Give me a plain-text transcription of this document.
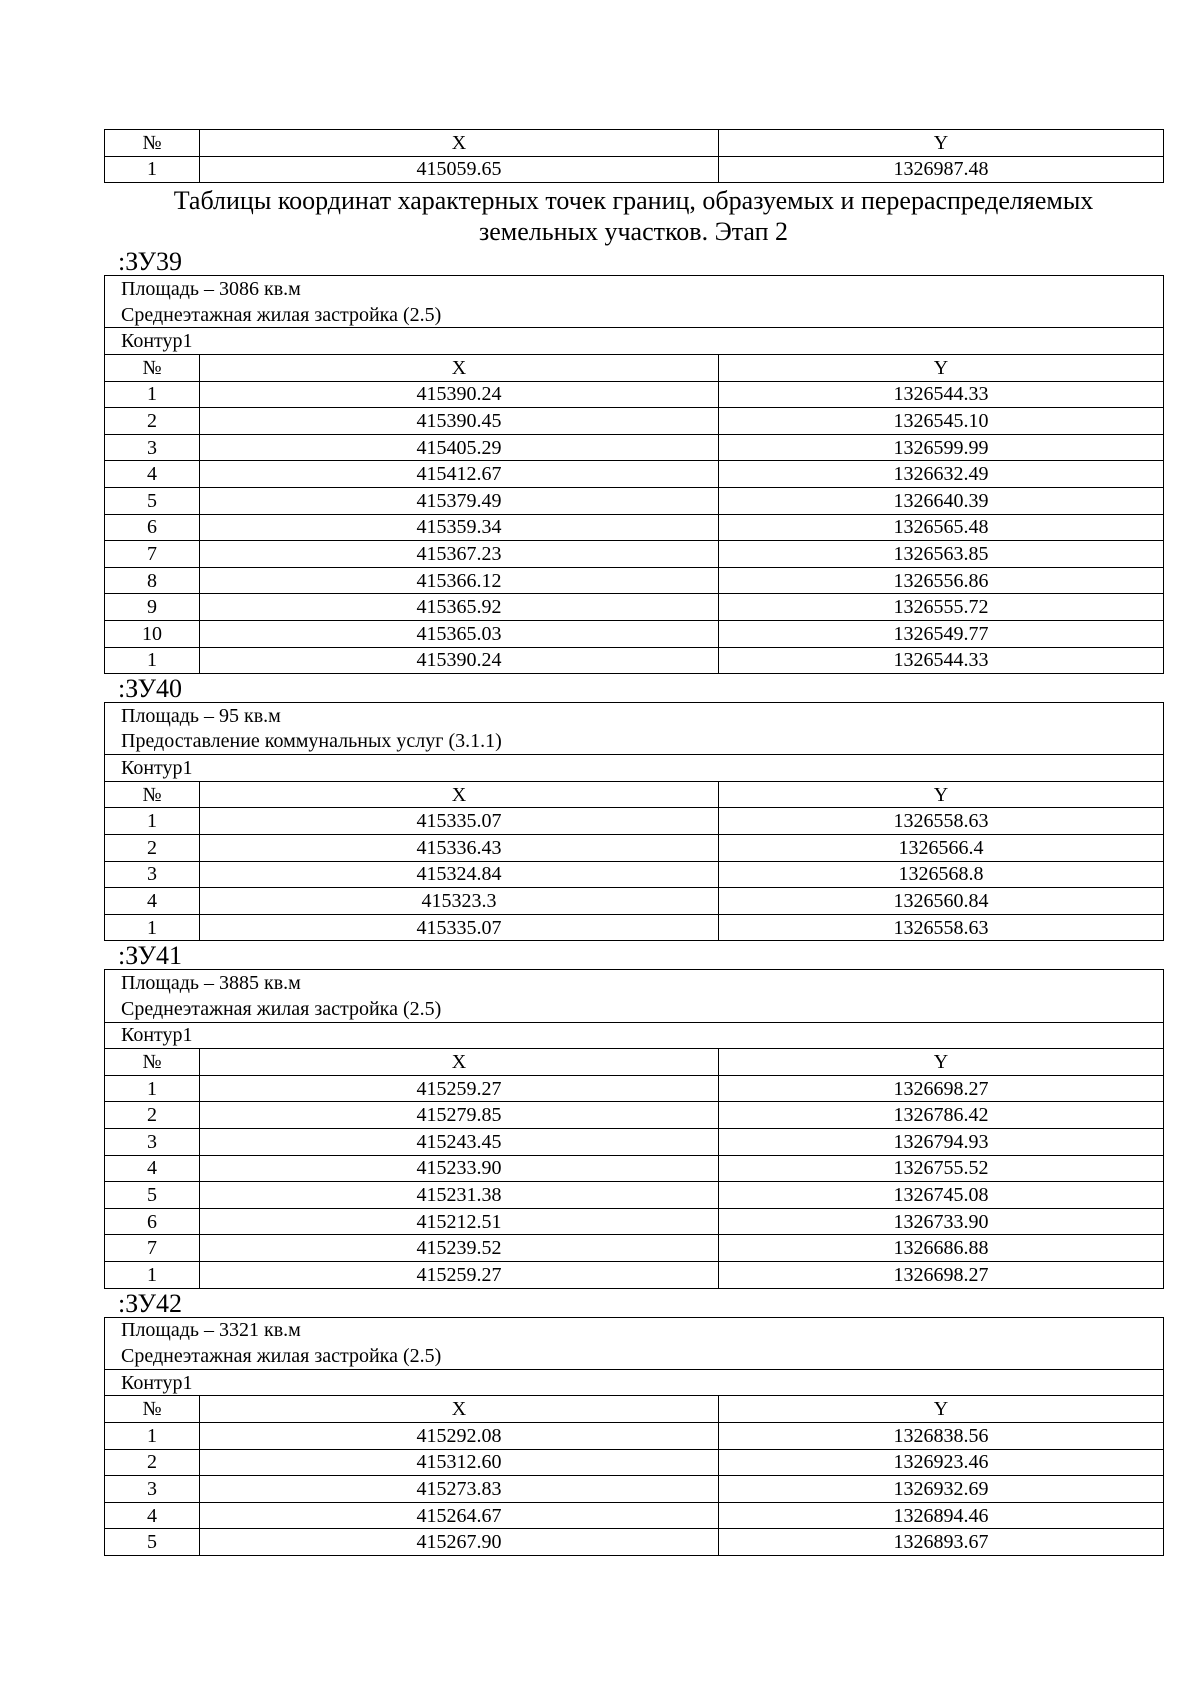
№	X	Y
1	415059.65	1326987.48
Таблицы координат характерных точек границ, образуемых и перераспределяемых
земельных участков. Этап 2
:ЗУ39
Площадь – 3086 кв.м		
Среднеэтажная жилая застройка (2.5)		
Контур1		
№	X	Y
1	415390.24	1326544.33
2	415390.45	1326545.10
3	415405.29	1326599.99
4	415412.67	1326632.49
5	415379.49	1326640.39
6	415359.34	1326565.48
7	415367.23	1326563.85
8	415366.12	1326556.86
9	415365.92	1326555.72
10	415365.03	1326549.77
1	415390.24	1326544.33
:ЗУ40
Площадь – 95 кв.м		
Предоставление коммунальных услуг (3.1.1)		
Контур1		
№	X	Y
1	415335.07	1326558.63
2	415336.43	1326566.4
3	415324.84	1326568.8
4	415323.3	1326560.84
1	415335.07	1326558.63
:ЗУ41
Площадь – 3885 кв.м		
Среднеэтажная жилая застройка (2.5)		
Контур1		
№	X	Y
1	415259.27	1326698.27
2	415279.85	1326786.42
3	415243.45	1326794.93
4	415233.90	1326755.52
5	415231.38	1326745.08
6	415212.51	1326733.90
7	415239.52	1326686.88
1	415259.27	1326698.27
:ЗУ42
Площадь – 3321 кв.м		
Среднеэтажная жилая застройка (2.5)		
Контур1		
№	X	Y
1	415292.08	1326838.56
2	415312.60	1326923.46
3	415273.83	1326932.69
4	415264.67	1326894.46
5	415267.90	1326893.67
